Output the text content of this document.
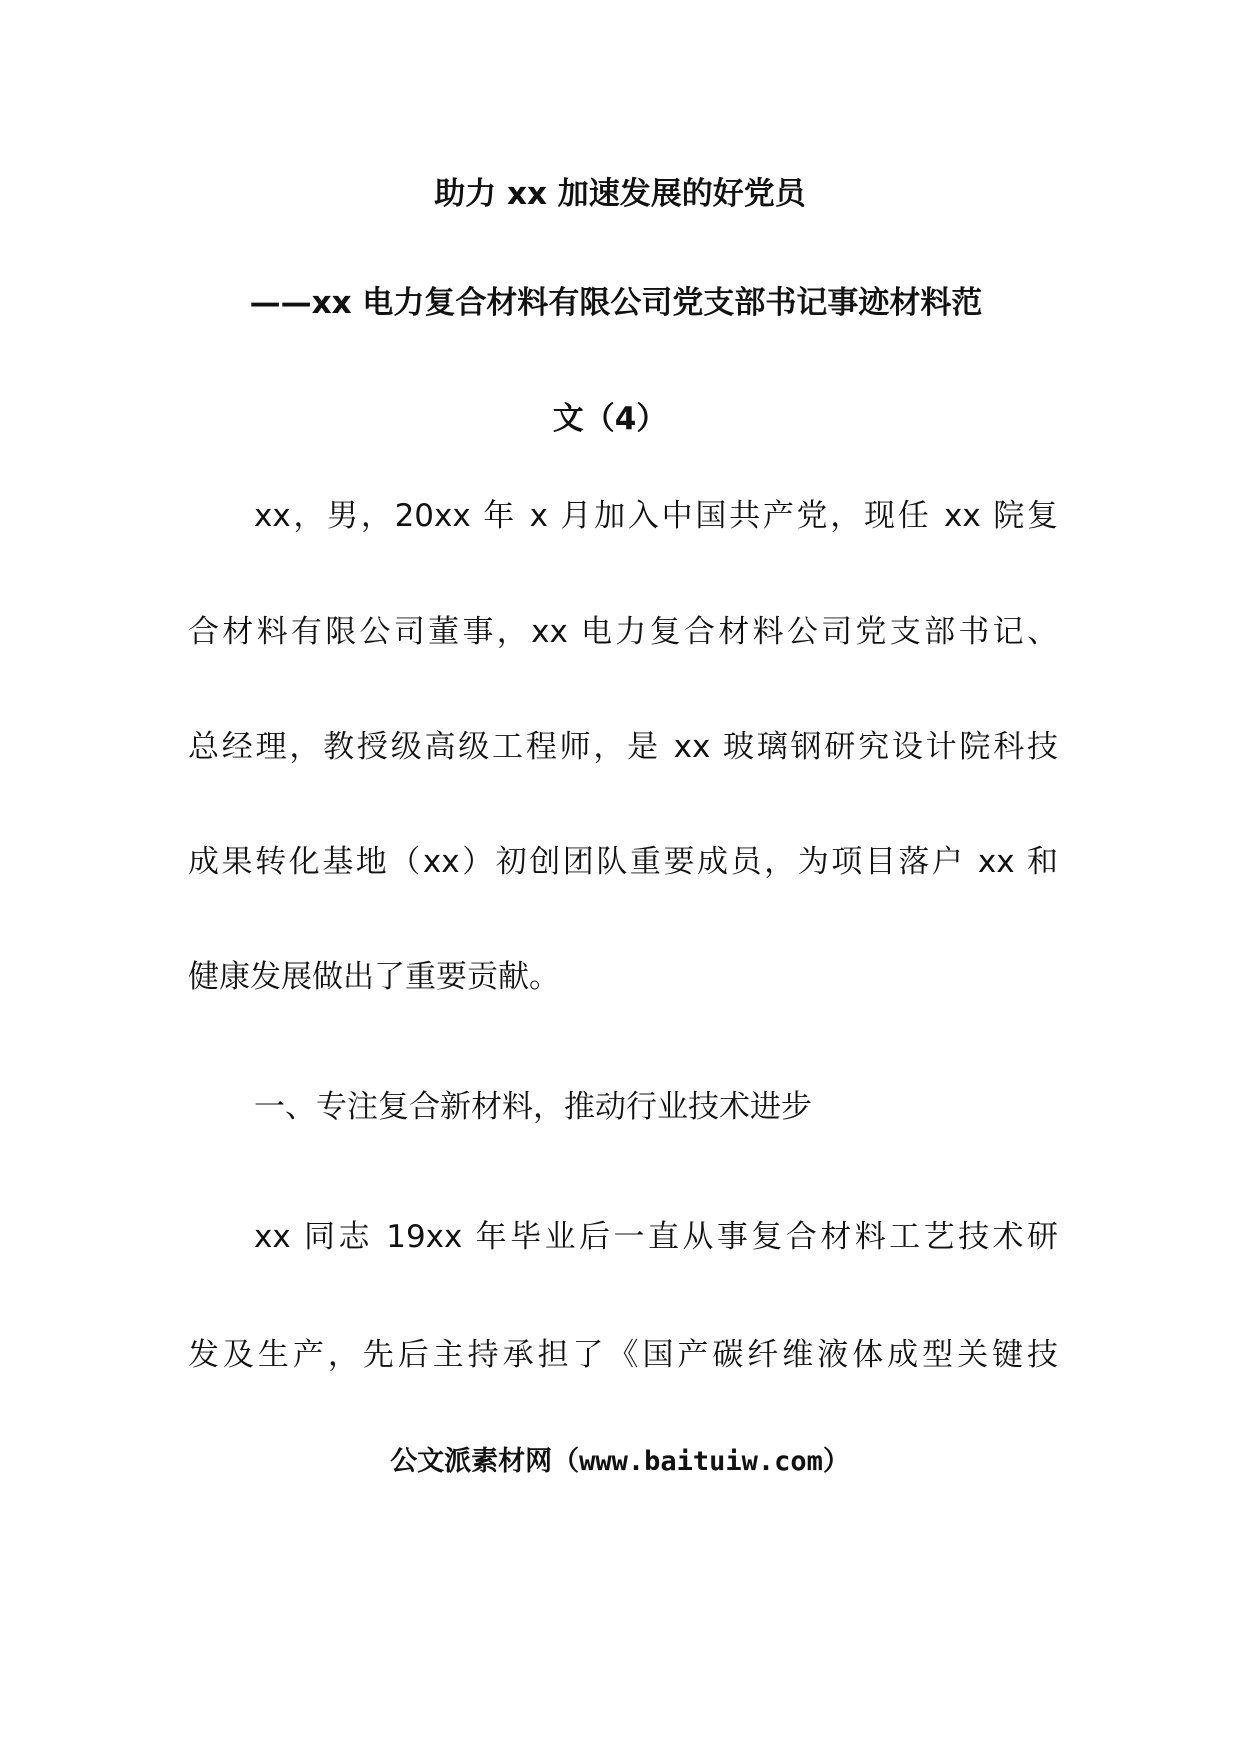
助力 xx 加速发展的好党员
——xx 电力复合材料有限公司党支部书记事迹材料范
文（4）
xx，男，20xx 年 x 月加入中国共产党，现任 xx 院复
合材料有限公司董事，xx 电力复合材料公司党支部书记、
总经理，教授级高级工程师，是 xx 玻璃钢研究设计院科技
成果转化基地（xx）初创团队重要成员，为项目落户 xx 和
健康发展做出了重要贡献。
一、专注复合新材料，推动行业技术进步
xx 同志 19xx 年毕业后一直从事复合材料工艺技术研
发及生产，先后主持承担了《国产碳纤维液体成型关键技
公文派素材网（www.baituiw.com）
